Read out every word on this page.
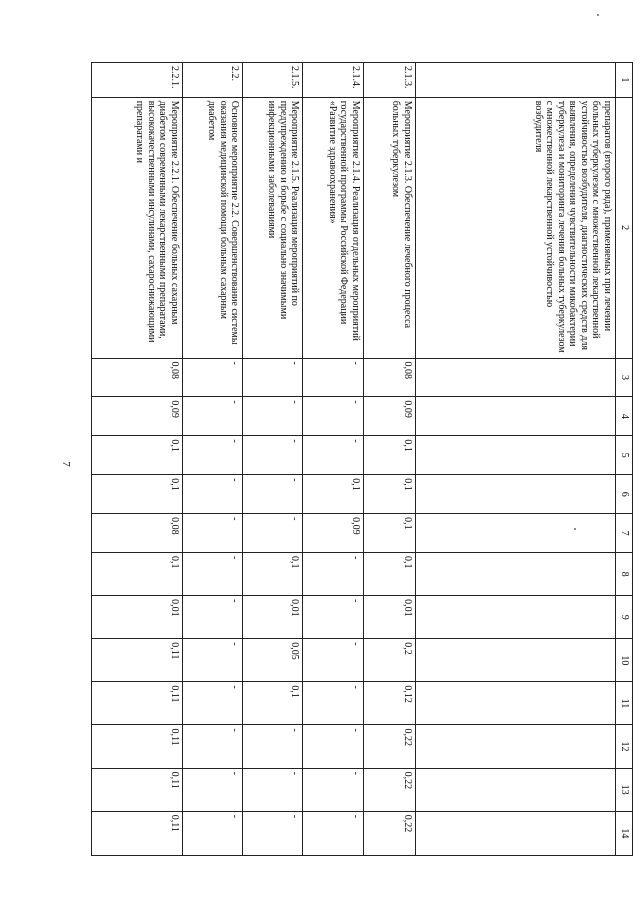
7
1	2	3	4	5	6	7	8	9	10	11	12	13	14
	препаратов (второго ряда), применяемых при лечении больных туберкулезом с множественной лекарственной устойчивостью возбудителя, диагностических средств для выявления, определения чувствительности микобактерии туберкулеза и мониторинга лечения больных туберкулезом с множественной лекарственной устойчивостью возбудителя												
2.1.3.	Мероприятие 2.1.3. Обеспечение лечебного процесса больных туберкулезом	0,08	0,09	0,1	0,1	0,1	0,1	0,01	0,2	0,12	0,22	0,22	0,22
2.1.4.	Мероприятие 2.1.4. Реализация отдельных мероприятий государственной программы Российской Федерации «Развитие здравоохранения»	-	-	-	0,1	0,09	-	-	-	-	-	-	-
2.1.5.	Мероприятие 2.1.5. Реализация мероприятий по предупреждению и борьбе с социально значимыми инфекционными заболеваниями	-	-	-	-	-	0,1	0,01	0,05	0,1	-	-	-
2.2.	Основное мероприятие 2.2. Совершенствование системы оказания медицинской помощи больным сахарным диабетом	-	-	-	-	-	-	-	-	-	-	-	-
2.2.1.	Мероприятие 2.2.1. Обеспечение больных сахарным диабетом современными лекарственными препаратами, высококачественными инсулинами, сахароснижающими препаратами и	0,08	0,09	0,1	0,1	0,08	0,1	0,01	0,11	0,11	0,11	0,11	0,11
